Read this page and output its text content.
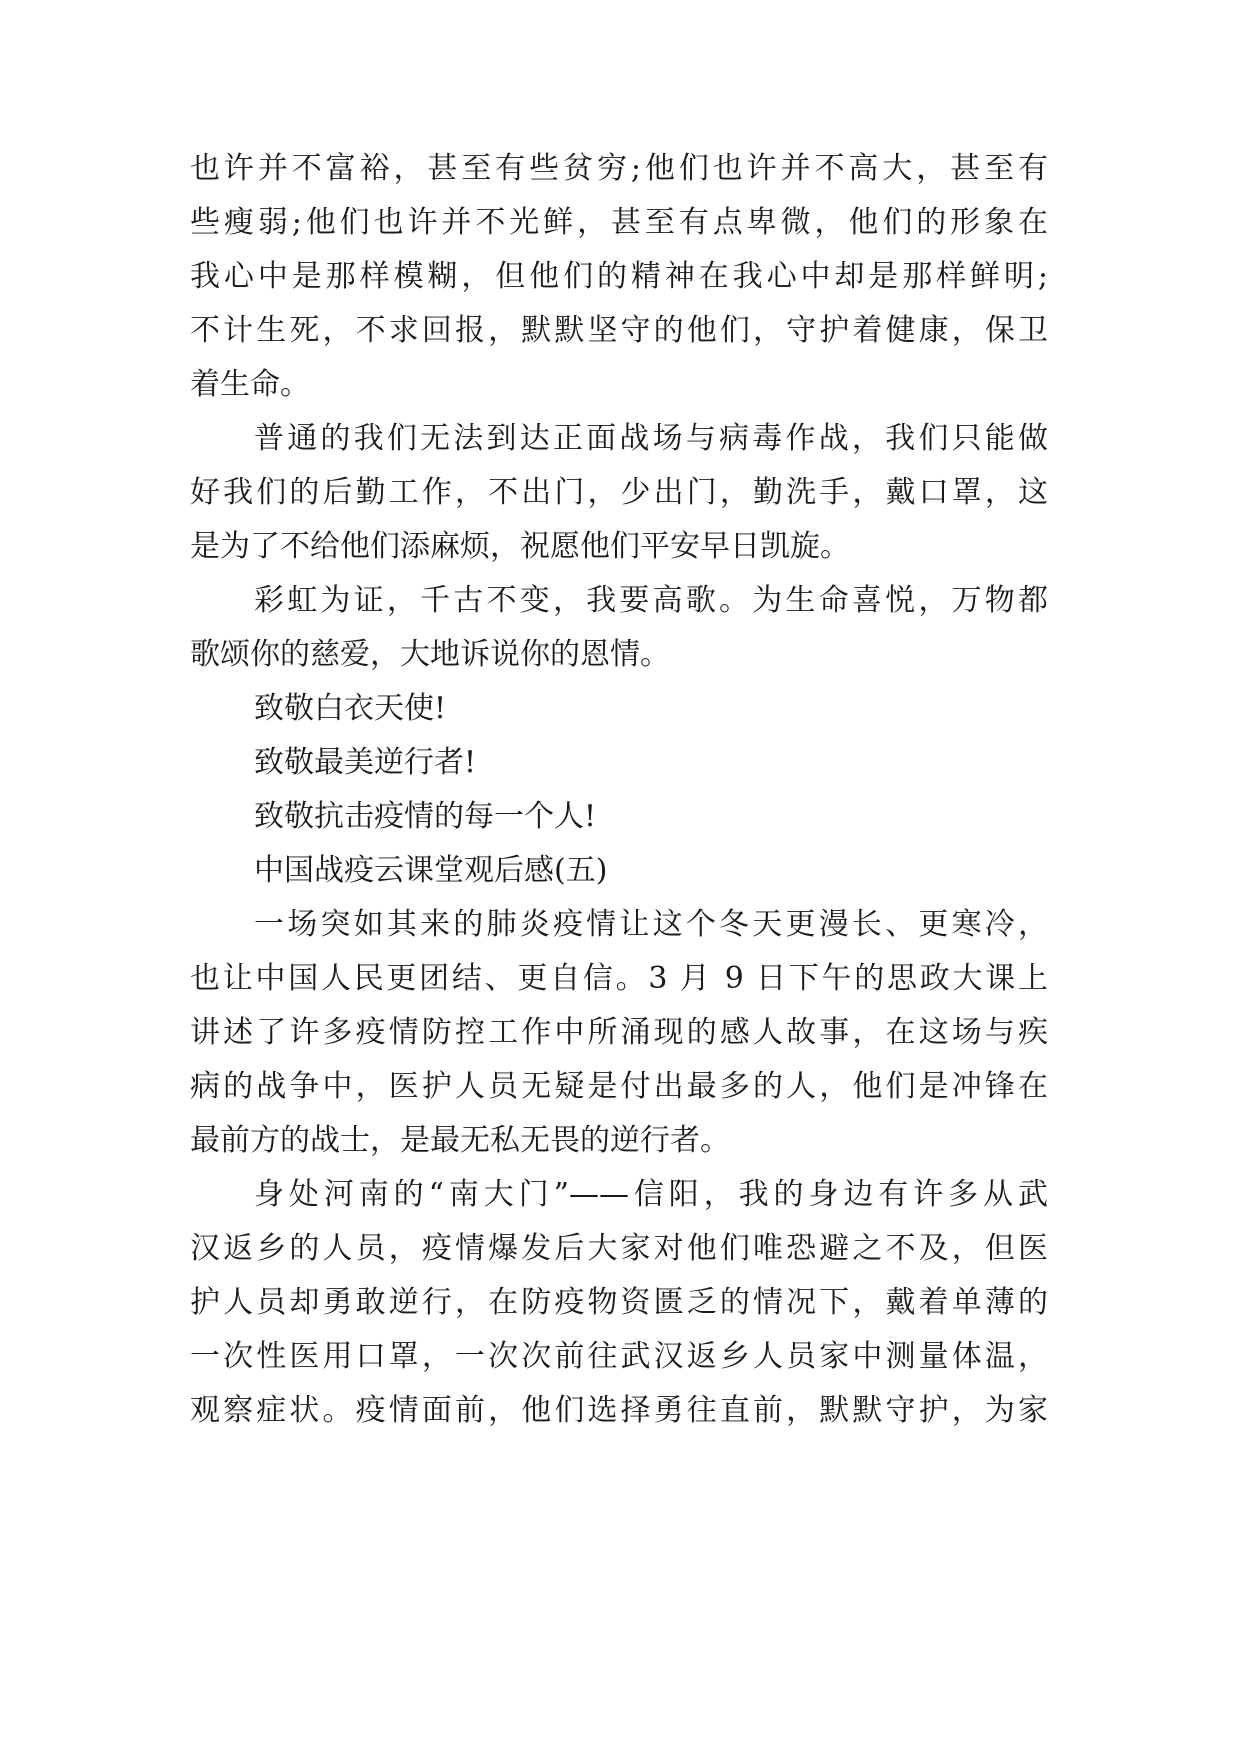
也许并不富裕，甚至有些贫穷;他们也许并不高大，甚至有

些瘦弱;他们也许并不光鲜，甚至有点卑微，他们的形象在

我心中是那样模糊，但他们的精神在我心中却是那样鲜明;

不计生死，不求回报，默默坚守的他们，守护着健康，保卫

着生命。

普通的我们无法到达正面战场与病毒作战，我们只能做

好我们的后勤工作，不出门，少出门，勤洗手，戴口罩，这

是为了不给他们添麻烦，祝愿他们平安早日凯旋。

彩虹为证，千古不变，我要高歌。为生命喜悦，万物都

歌颂你的慈爱，大地诉说你的恩情。

致敬白衣天使!

致敬最美逆行者!

致敬抗击疫情的每一个人!

中国战疫云课堂观后感(五)

一场突如其来的肺炎疫情让这个冬天更漫长、更寒冷，

也让中国人民更团结、更自信。3 月 9 日下午的思政大课上

讲述了许多疫情防控工作中所涌现的感人故事，在这场与疾

病的战争中，医护人员无疑是付出最多的人，他们是冲锋在

最前方的战士，是最无私无畏的逆行者。

身处河南的“南大门”——信阳，我的身边有许多从武

汉返乡的人员，疫情爆发后大家对他们唯恐避之不及，但医

护人员却勇敢逆行，在防疫物资匮乏的情况下，戴着单薄的

一次性医用口罩，一次次前往武汉返乡人员家中测量体温，

观察症状。疫情面前，他们选择勇往直前，默默守护，为家
